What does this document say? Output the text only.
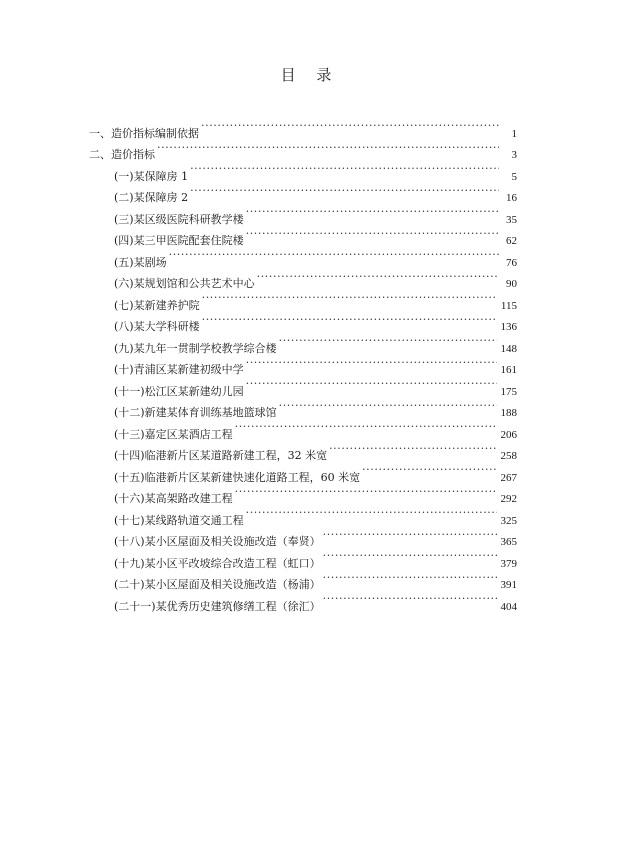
目 录
一、造价指标编制依据 ·····	1
二、造价指标 ·····	3
(一)某保障房 1 ·····	5
(二)某保障房 2 ·····	16
(三)某区级医院科研教学楼 ·····	35
(四)某三甲医院配套住院楼 ·····	62
(五)某剧场 ·····	76
(六)某规划馆和公共艺术中心 ·····	90
(七)某新建养护院 ·····	115
(八)某大学科研楼 ·····	136
(九)某九年一贯制学校教学综合楼 ·····	148
(十)青浦区某新建初级中学 ·····	161
(十一)松江区某新建幼儿园 ·····	175
(十二)新建某体育训练基地篮球馆 ·····	188
(十三)嘉定区某酒店工程 ·····	206
(十四)临港新片区某道路新建工程，32 米宽 ·····	258
(十五)临港新片区某新建快速化道路工程，60 米宽 ·····	267
(十六)某高架路改建工程 ·····	292
(十七)某线路轨道交通工程 ·····	325
(十八)某小区屋面及相关设施改造（奉贤） ·····	365
(十九)某小区平改坡综合改造工程（虹口） ·····	379
(二十)某小区屋面及相关设施改造（杨浦） ·····	391
(二十一)某优秀历史建筑修缮工程（徐汇） ·····	404
